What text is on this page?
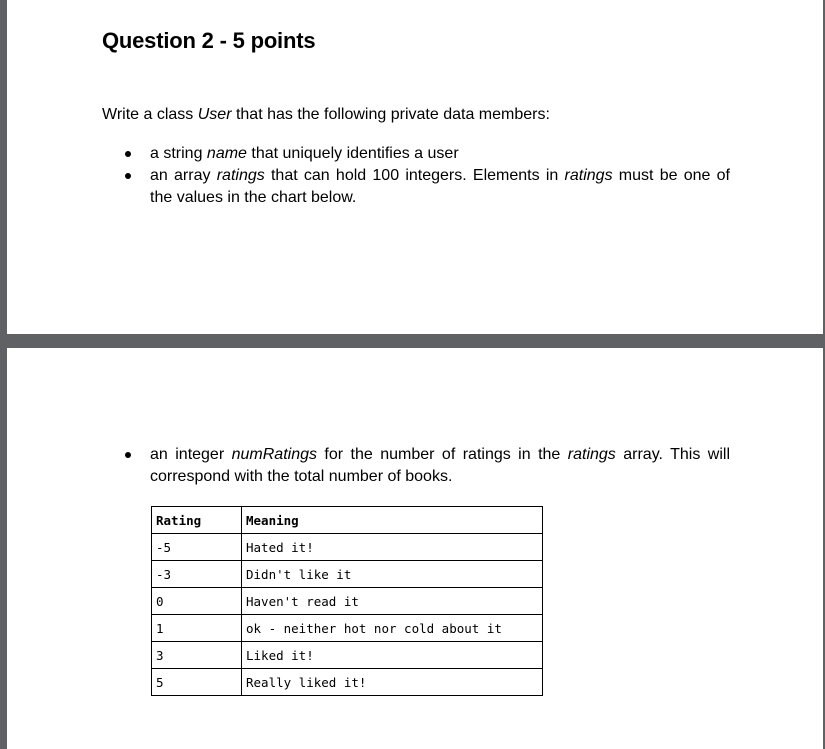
Question 2 - 5 points

Write a class User that has the following private data members:

a string name that uniquely identifies a user
an array ratings that can hold 100 integers. Elements in ratings must be one of the values in the chart below.
an integer numRatings for the number of ratings in the ratings array. This will correspond with the total number of books.
Rating	Meaning
-5	Hated it!
-3	Didn't like it
0	Haven't read it
1	ok - neither hot nor cold about it
3	Liked it!
5	Really liked it!
